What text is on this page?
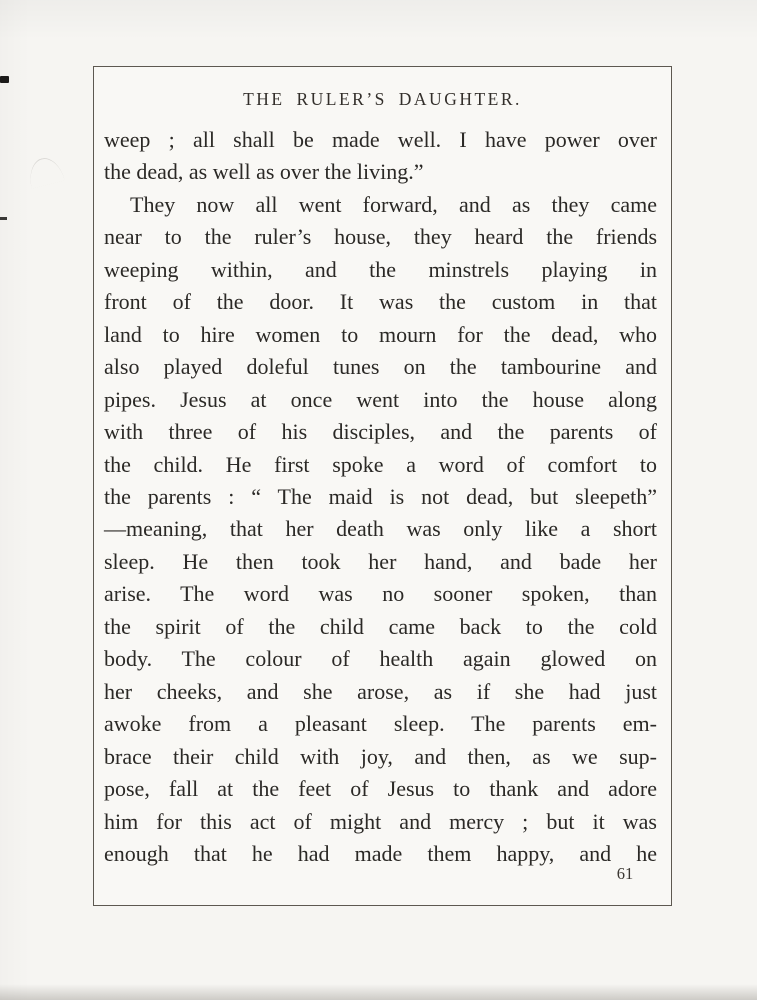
THE RULER’S DAUGHTER.
weep ; all shall be made well. I have power over
the dead, as well as over the living.”
They now all went forward, and as they came
near to the ruler’s house, they heard the friends
weeping within, and the minstrels playing in
front of the door. It was the custom in that
land to hire women to mourn for the dead, who
also played doleful tunes on the tambourine and
pipes. Jesus at once went into the house along
with three of his disciples, and the parents of
the child. He first spoke a word of comfort to
the parents : “ The maid is not dead, but sleepeth”
—meaning, that her death was only like a short
sleep. He then took her hand, and bade her
arise. The word was no sooner spoken, than
the spirit of the child came back to the cold
body. The colour of health again glowed on
her cheeks, and she arose, as if she had just
awoke from a pleasant sleep. The parents em-
brace their child with joy, and then, as we sup-
pose, fall at the feet of Jesus to thank and adore
him for this act of might and mercy ; but it was
enough that he had made them happy, and he
61
